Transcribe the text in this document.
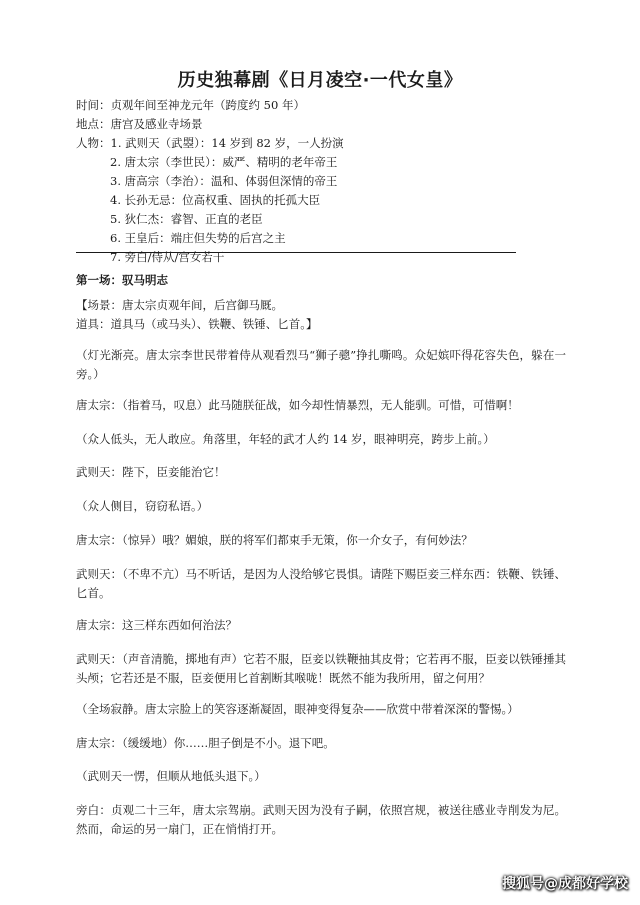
历史独幕剧《日月凌空·一代女皇》
时间：贞观年间至神龙元年（跨度约 50 年）
地点：唐宫及感业寺场景
人物： 1. 武则天（武曌）：14 岁到 82 岁，一人扮演
2. 唐太宗（李世民）：威严、精明的老年帝王
3. 唐高宗（李治）：温和、体弱但深情的帝王
4. 长孙无忌：位高权重、固执的托孤大臣
5. 狄仁杰：睿智、正直的老臣
6. 王皇后：端庄但失势的后宫之主
7. 旁白/侍从/宫女若干
第一场：驭马明志
【场景：唐太宗贞观年间，后宫御马厩。
道具：道具马（或马头）、铁鞭、铁锤、匕首。】
（灯光渐亮。唐太宗李世民带着侍从观看烈马“狮子骢”挣扎嘶鸣。众妃嫔吓得花容失色，躲在一旁。）
唐太宗：（指着马，叹息）此马随朕征战，如今却性情暴烈，无人能驯。可惜，可惜啊！
（众人低头，无人敢应。角落里，年轻的武才人约 14 岁，眼神明亮，跨步上前。）
武则天：陛下，臣妾能治它！
（众人侧目，窃窃私语。）
唐太宗：（惊异）哦？媚娘，朕的将军们都束手无策，你一介女子，有何妙法？
武则天：（不卑不亢）马不听话，是因为人没给够它畏惧。请陛下赐臣妾三样东西：铁鞭、铁锤、匕首。
唐太宗：这三样东西如何治法？
武则天：（声音清脆，掷地有声）它若不服，臣妾以铁鞭抽其皮骨；它若再不服，臣妾以铁锤捶其头颅；它若还是不服，臣妾便用匕首割断其喉咙！既然不能为我所用，留之何用？
（全场寂静。唐太宗脸上的笑容逐渐凝固，眼神变得复杂——欣赏中带着深深的警惕。）
唐太宗：（缓缓地）你……胆子倒是不小。退下吧。
（武则天一愣，但顺从地低头退下。）
旁白：贞观二十三年，唐太宗驾崩。武则天因为没有子嗣，依照宫规，被送往感业寺削发为尼。然而，命运的另一扇门，正在悄悄打开。
搜狐号@成都好学校
